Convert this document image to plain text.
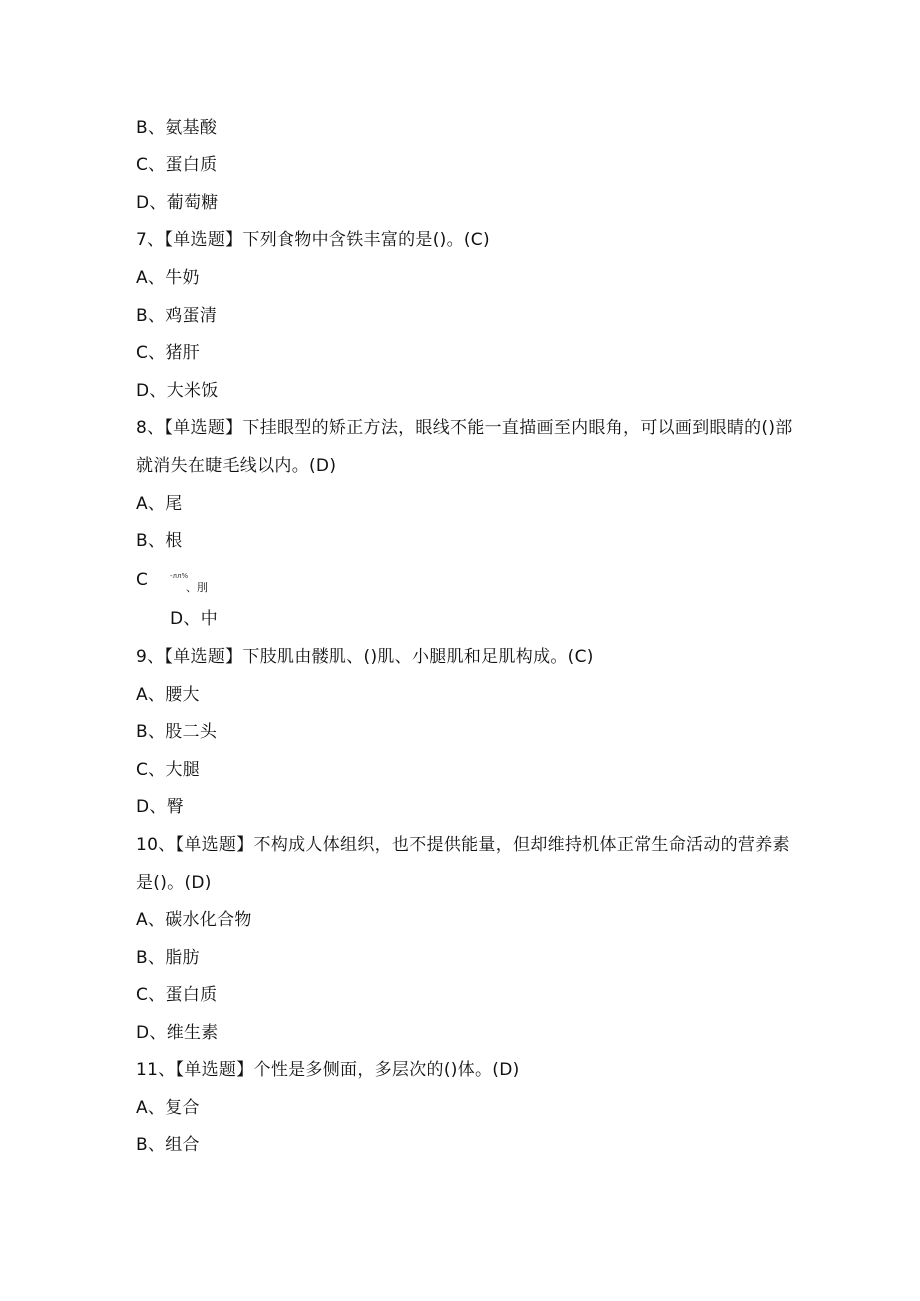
B、氨基酸
C、蛋白质
D、葡萄糖
7、【单选题】下列食物中含铁丰富的是()。(C)
A、牛奶
B、鸡蛋清
C、猪肝
D、大米饭
8、【单选题】下挂眼型的矫正方法，眼线不能一直描画至内眼角，可以画到眼睛的()部就消失在睫毛线以内。(D)
A、尾
B、根
C	-лл%
、刖
D、中
9、【单选题】下肢肌由髅肌、()肌、小腿肌和足肌构成。(C)
A、腰大
B、股二头
C、大腿
D、臀
10、【单选题】不构成人体组织，也不提供能量，但却维持机体正常生命活动的营养素是()。(D)
A、碳水化合物
B、脂肪
C、蛋白质
D、维生素
11、【单选题】个性是多侧面，多层次的()体。(D)
A、复合
B、组合
